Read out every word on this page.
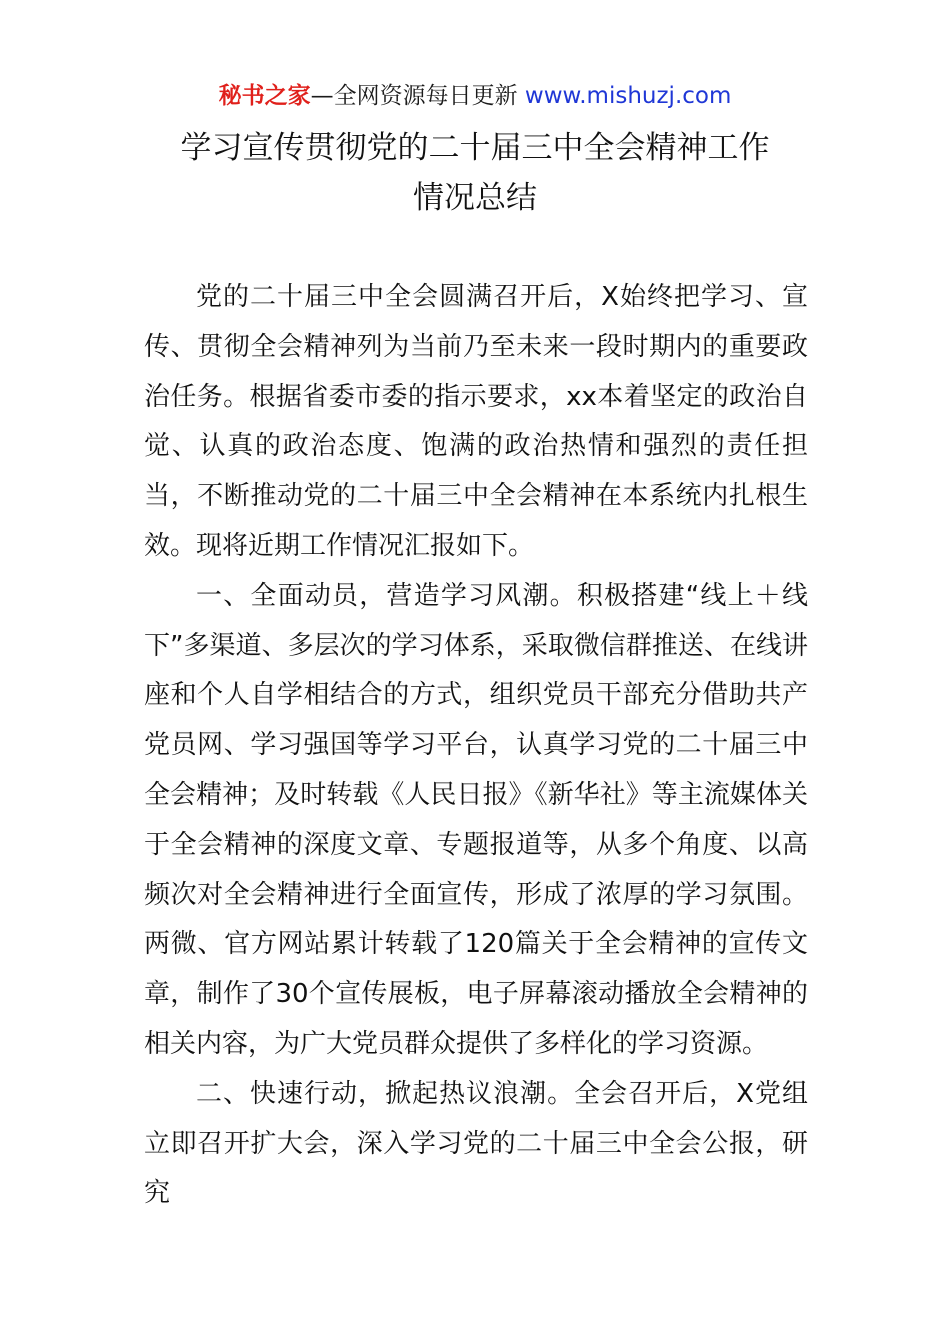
秘书之家—全网资源每日更新 www.mishuzj.com
学习宣传贯彻党的二十届三中全会精神工作
情况总结

党的二十届三中全会圆满召开后，X始终把学习、宣传、贯彻全会精神列为当前乃至未来一段时期内的重要政治任务。根据省委市委的指示要求，xx本着坚定的政治自觉、认真的政治态度、饱满的政治热情和强烈的责任担当，不断推动党的二十届三中全会精神在本系统内扎根生效。现将近期工作情况汇报如下。

一、全面动员，营造学习风潮。积极搭建“线上＋线下”多渠道、多层次的学习体系，采取微信群推送、在线讲座和个人自学相结合的方式，组织党员干部充分借助共产党员网、学习强国等学习平台，认真学习党的二十届三中全会精神；及时转载《人民日报》《新华社》等主流媒体关于全会精神的深度文章、专题报道等，从多个角度、以高频次对全会精神进行全面宣传，形成了浓厚的学习氛围。两微、官方网站累计转载了120篇关于全会精神的宣传文章，制作了30个宣传展板，电子屏幕滚动播放全会精神的相关内容，为广大党员群众提供了多样化的学习资源。

二、快速行动，掀起热议浪潮。全会召开后，X党组立即召开扩大会，深入学习党的二十届三中全会公报，研究
